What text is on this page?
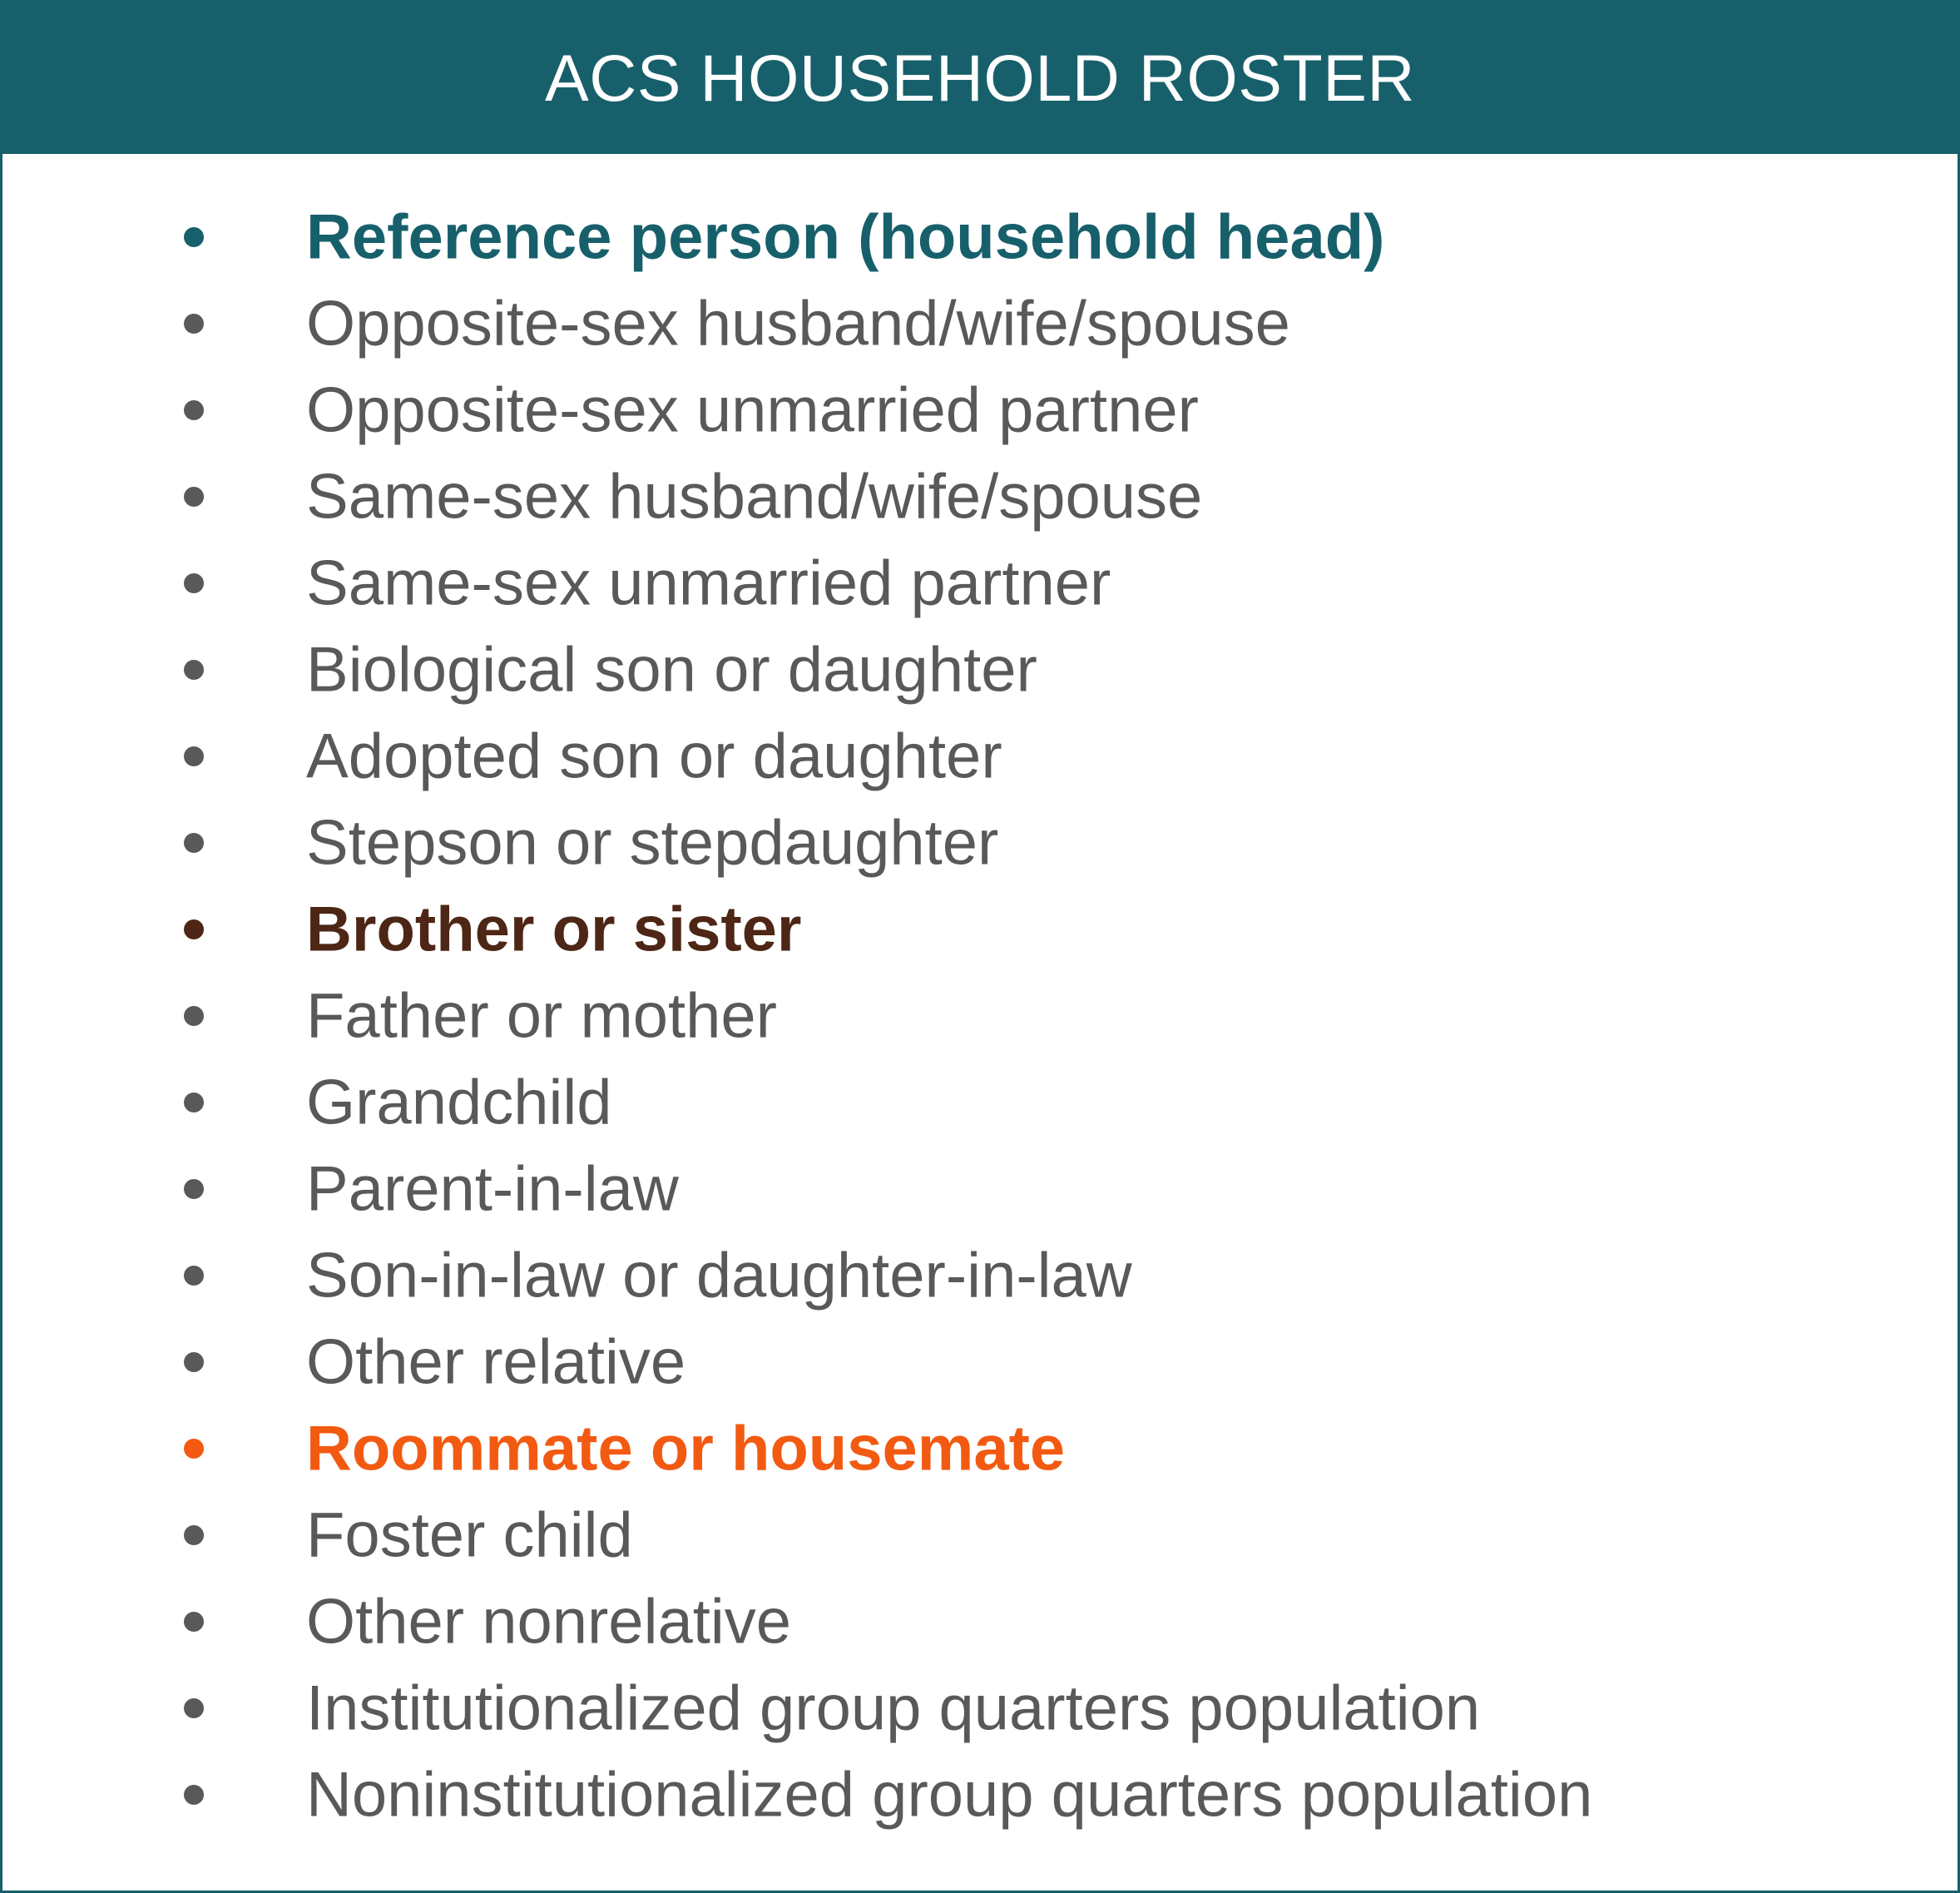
ACS HOUSEHOLD ROSTER
Reference person (household head)
Opposite-sex husband/wife/spouse
Opposite-sex unmarried partner
Same-sex husband/wife/spouse
Same-sex unmarried partner
Biological son or daughter
Adopted son or daughter
Stepson or stepdaughter
Brother or sister
Father or mother
Grandchild
Parent-in-law
Son-in-law or daughter-in-law
Other relative
Roommate or housemate
Foster child
Other nonrelative
Institutionalized group quarters population
Noninstitutionalized group quarters population
